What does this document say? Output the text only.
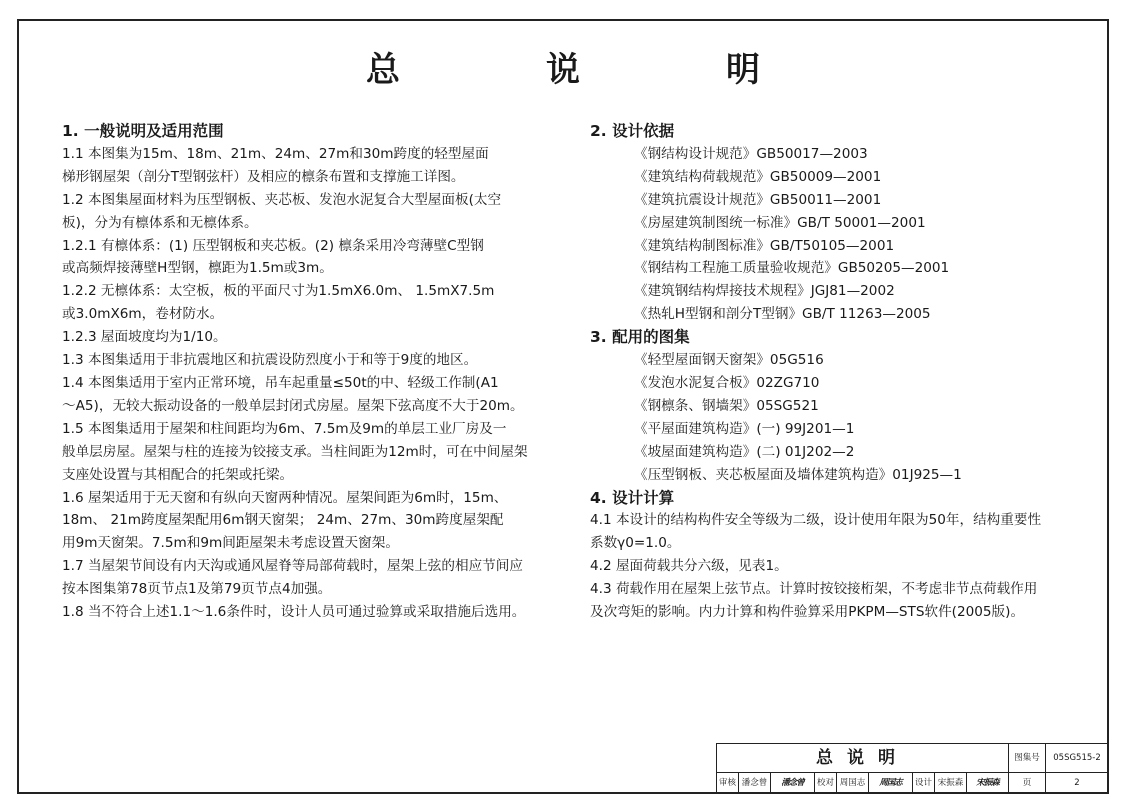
总	说	明
1. 一般说明及适用范围
1.1 本图集为15m、18m、21m、24m、27m和30m跨度的轻型屋面
梯形钢屋架（剖分T型钢弦杆）及相应的檩条布置和支撑施工详图。
1.2 本图集屋面材料为压型钢板、夹芯板、发泡水泥复合大型屋面板(太空
板)，分为有檩体系和无檩体系。
1.2.1 有檩体系：(1) 压型钢板和夹芯板。(2) 檩条采用冷弯薄壁C型钢
或高频焊接薄壁H型钢，檩距为1.5m或3m。
1.2.2 无檩体系：太空板，板的平面尺寸为1.5mX6.0m、 1.5mX7.5m
或3.0mX6m，卷材防水。
1.2.3 屋面坡度均为1/10。
1.3 本图集适用于非抗震地区和抗震设防烈度小于和等于9度的地区。
1.4 本图集适用于室内正常环境，吊车起重量≤50t的中、轻级工作制(A1
～A5)，无较大振动设备的一般单层封闭式房屋。屋架下弦高度不大于20m。
1.5 本图集适用于屋架和柱间距均为6m、7.5m及9m的单层工业厂房及一
般单层房屋。屋架与柱的连接为铰接支承。当柱间距为12m时，可在中间屋架
支座处设置与其相配合的托架或托梁。
1.6 屋架适用于无天窗和有纵向天窗两种情况。屋架间距为6m时，15m、
18m、 21m跨度屋架配用6m钢天窗架； 24m、27m、30m跨度屋架配
用9m天窗架。7.5m和9m间距屋架未考虑设置天窗架。
1.7 当屋架节间设有内天沟或通风屋脊等局部荷载时，屋架上弦的相应节间应
按本图集第78页节点1及第79页节点4加强。
1.8 当不符合上述1.1～1.6条件时，设计人员可通过验算或采取措施后选用。
2. 设计依据
《钢结构设计规范》GB50017—2003
《建筑结构荷载规范》GB50009—2001
《建筑抗震设计规范》GB50011—2001
《房屋建筑制图统一标准》GB/T 50001—2001
《建筑结构制图标准》GB/T50105—2001
《钢结构工程施工质量验收规范》GB50205—2001
《建筑钢结构焊接技术规程》JGJ81—2002
《热轧H型钢和剖分T型钢》GB/T 11263—2005
3. 配用的图集
《轻型屋面钢天窗架》05G516
《发泡水泥复合板》02ZG710
《钢檩条、钢墙架》05SG521
《平屋面建筑构造》(一) 99J201—1
《坡屋面建筑构造》(二) 01J202—2
《压型钢板、夹芯板屋面及墙体建筑构造》01J925—1
4. 设计计算
4.1 本设计的结构构件安全等级为二级，设计使用年限为50年，结构重要性
系数γ0=1.0。
4.2 屋面荷载共分六级，见表1。
4.3 荷载作用在屋架上弦节点。计算时按铰接桁架，不考虑非节点荷载作用
及次弯矩的影响。内力计算和构件验算采用PKPM—STS软件(2005版)。
总说明	图集号	05SG515-2
审核 潘念曾	潘念曾	校对 周国志	周国志	设计 宋振森	宋振森	页	2
